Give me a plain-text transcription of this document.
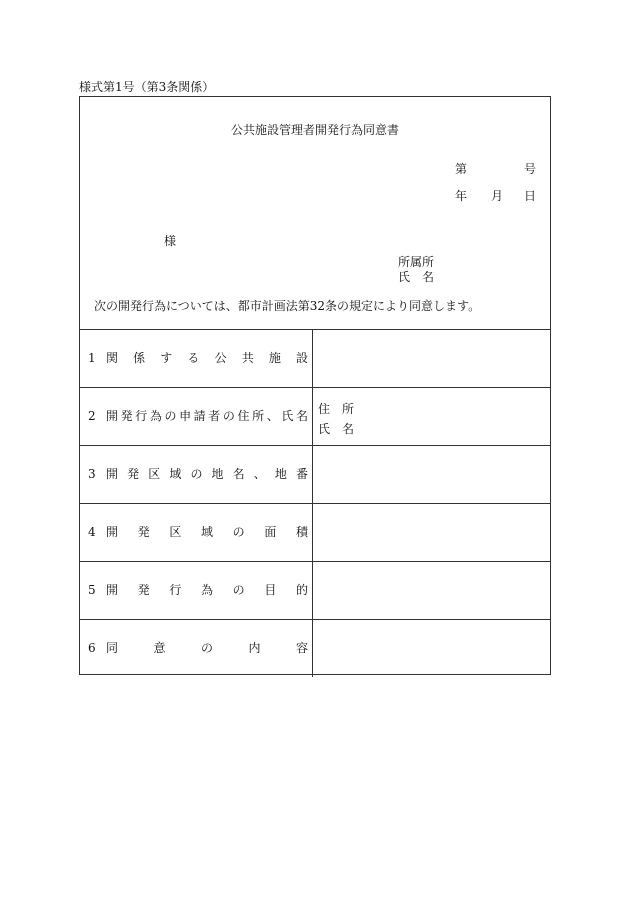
様式第1号（第3条関係）
公共施設管理者開発行為同意書
第	号
年 月 日
様
所属所
氏　名
次の開発行為については、都市計画法第32条の規定により同意します。
1 関係する公共施設
2 開発行為の申請者の住所、氏名 住　所
氏　名
3 開発区域の地名、地番
4 開発区域の面積
5 開発行為の目的
6 同意の内容
